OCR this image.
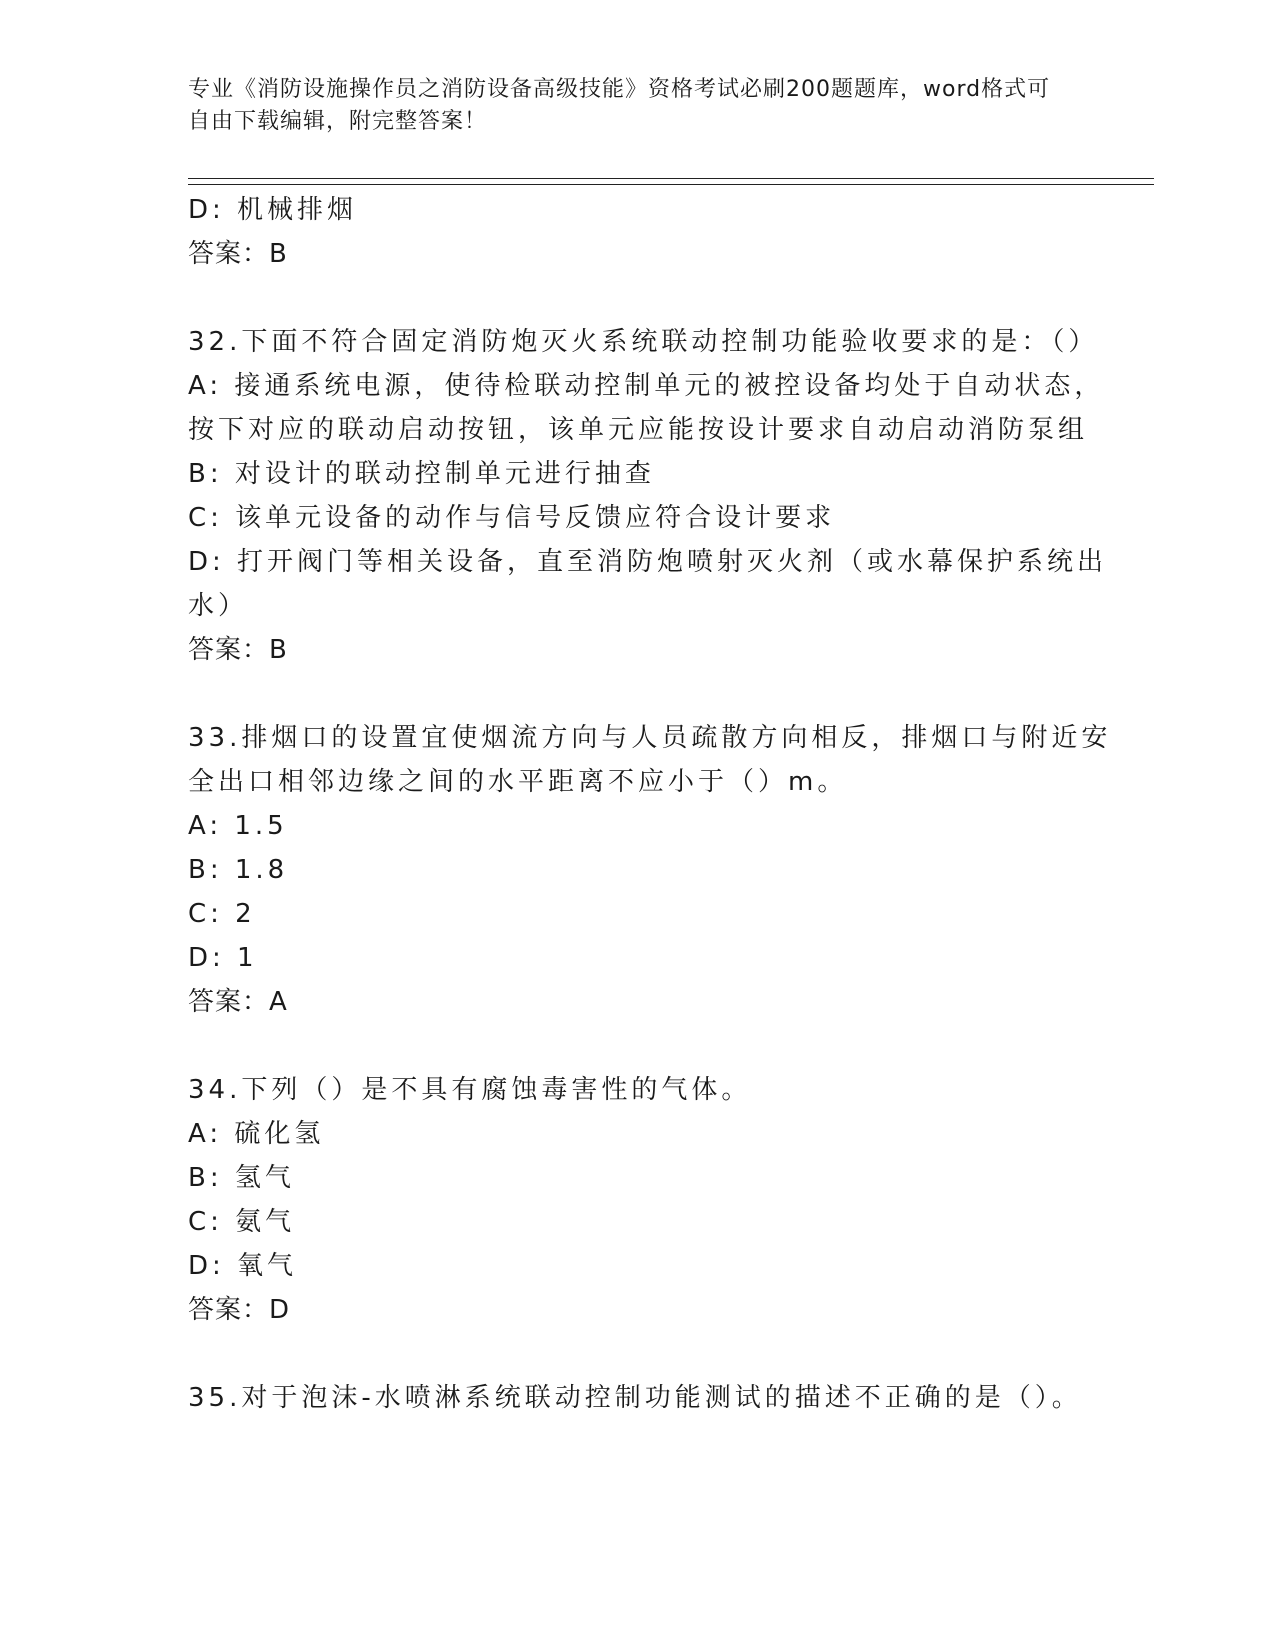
专业《消防设施操作员之消防设备高级技能》资格考试必刷200题题库，word格式可自由下载编辑，附完整答案！
D: 机械排烟
答案：B
32.下面不符合固定消防炮灭火系统联动控制功能验收要求的是：（）
A: 接通系统电源，使待检联动控制单元的被控设备均处于自动状态，
按下对应的联动启动按钮，该单元应能按设计要求自动启动消防泵组
B: 对设计的联动控制单元进行抽查
C: 该单元设备的动作与信号反馈应符合设计要求
D: 打开阀门等相关设备，直至消防炮喷射灭火剂（或水幕保护系统出
水）
答案：B
33.排烟口的设置宜使烟流方向与人员疏散方向相反，排烟口与附近安
全出口相邻边缘之间的水平距离不应小于（）m。
A: 1.5
B: 1.8
C: 2
D: 1
答案：A
34.下列（）是不具有腐蚀毒害性的气体。
A: 硫化氢
B: 氢气
C: 氨气
D: 氧气
答案：D
35.对于泡沫-水喷淋系统联动控制功能测试的描述不正确的是（）。
